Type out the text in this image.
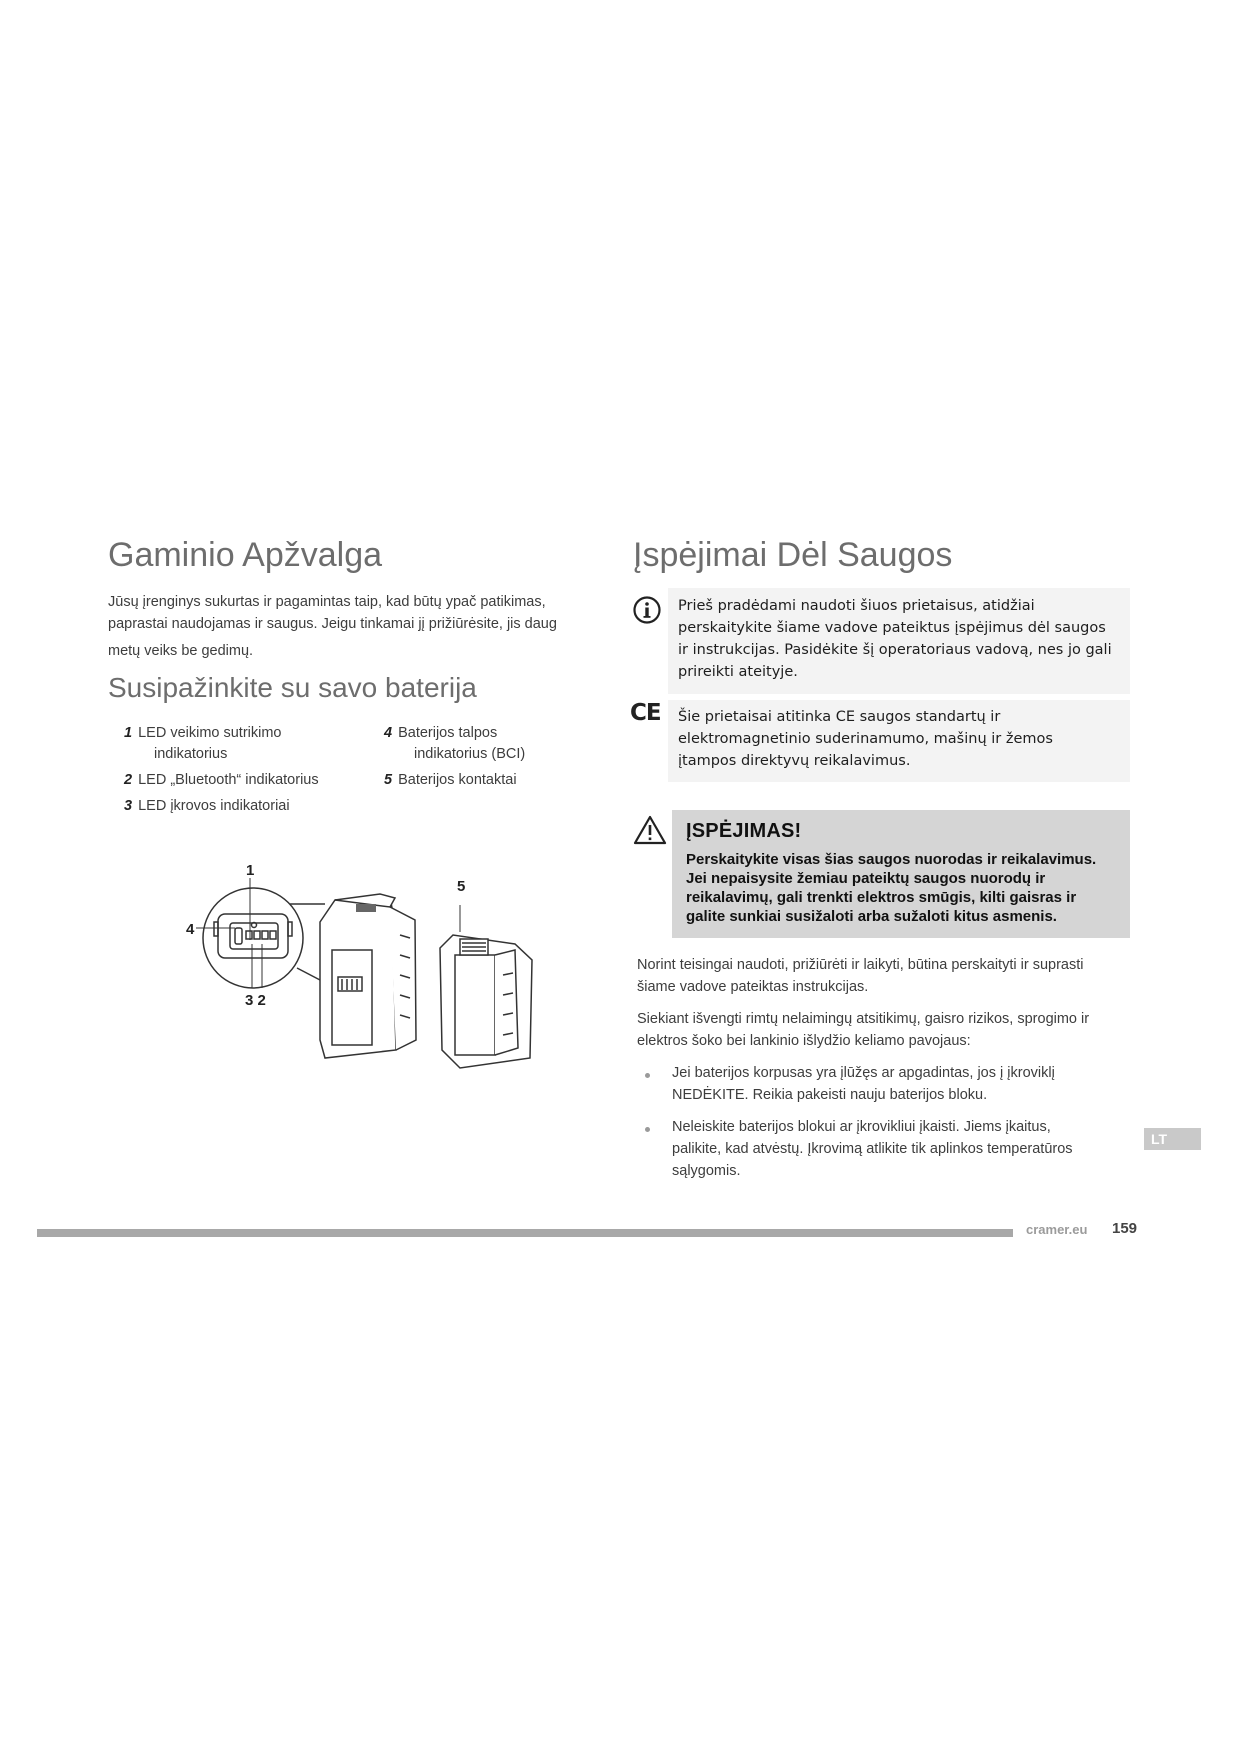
Gaminio Apžvalga

Jūsų įrenginys sukurtas ir pagamintas taip, kad būtų ypač patikimas,
paprastai naudojamas ir saugus. Jeigu tinkamai jį prižiūrėsite, jis daug
metų veiks be gedimų.

Susipažinkite su savo baterija
1 LED veikimo sutrikimo
indikatorius
2 LED „Bluetooth“ indikatorius
3 LED įkrovos indikatoriai
4 Baterijos talpos
indikatorius (BCI)
5 Baterijos kontaktai
1
4
3 2
5
Įspėjimai Dėl Saugos
Prieš pradėdami naudoti šiuos prietaisus, atidžiai
perskaitykite šiame vadove pateiktus įspėjimus dėl saugos
ir instrukcijas. Pasidėkite šį operatoriaus vadovą, nes jo gali
prireikti ateityje.
CE Šie prietaisai atitinka CE saugos standartų ir
elektromagnetinio suderinamumo, mašinų ir žemos
įtampos direktyvų reikalavimus.
ĮSPĖJIMAS!
Perskaitykite visas šias saugos nuorodas ir reikalavimus.
Jei nepaisysite žemiau pateiktų saugos nuorodų ir
reikalavimų, gali trenkti elektros smūgis, kilti gaisras ir
galite sunkiai susižaloti arba sužaloti kitus asmenis.

Norint teisingai naudoti, prižiūrėti ir laikyti, būtina perskaityti ir suprasti
šiame vadove pateiktas instrukcijas.

Siekiant išvengti rimtų nelaimingų atsitikimų, gaisro rizikos, sprogimo ir
elektros šoko bei lankinio išlydžio keliamo pavojaus:

Jei baterijos korpusas yra įlūžęs ar apgadintas, jos į įkroviklį
NEDĖKITE. Reikia pakeisti nauju baterijos bloku.
Neleiskite baterijos blokui ar įkrovikliui įkaisti. Jiems įkaitus,
palikite, kad atvėstų. Įkrovimą atlikite tik aplinkos temperatūros
sąlygomis.
LT
cramer.eu 159
